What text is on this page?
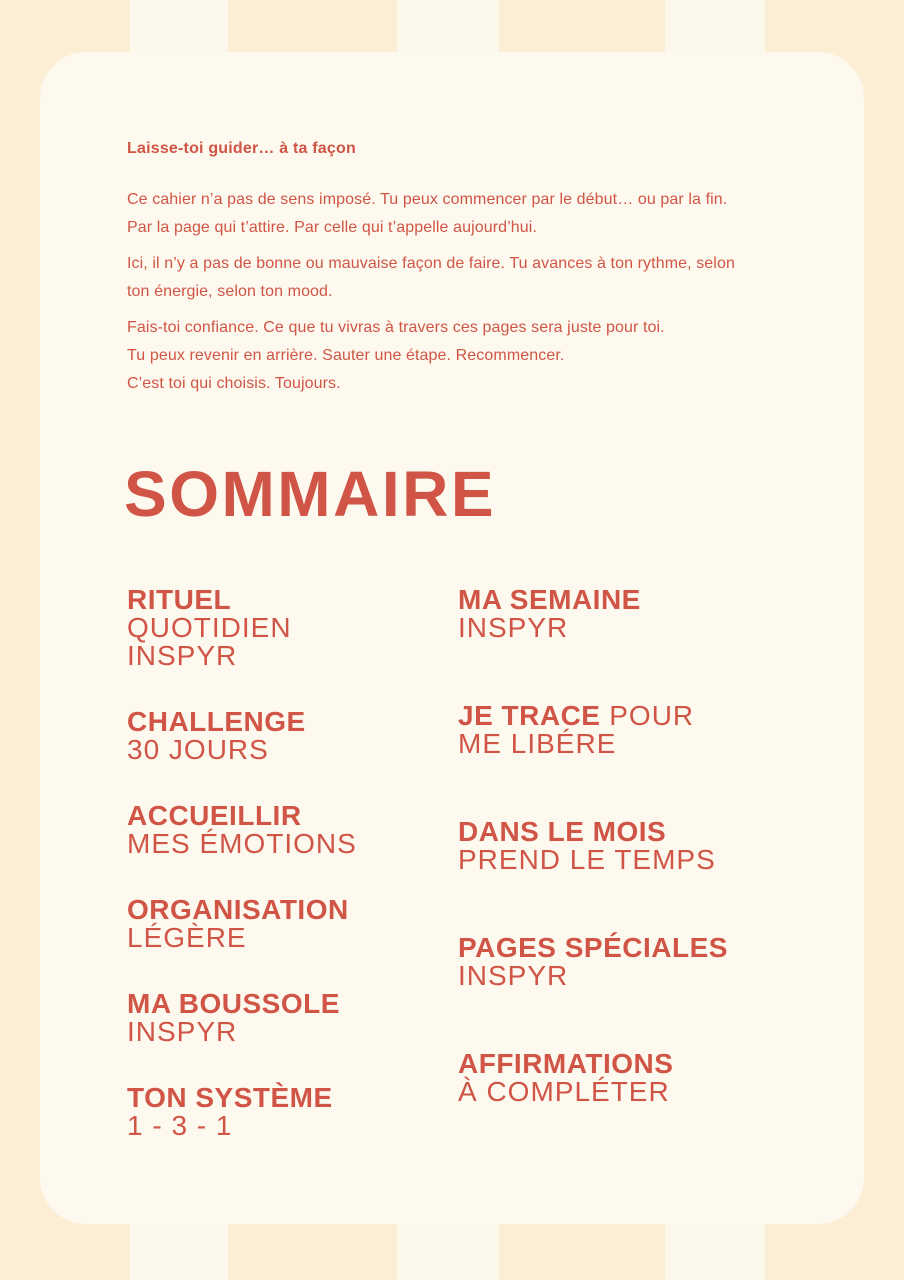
Laisse-toi guider… à ta façon
Ce cahier n’a pas de sens imposé. Tu peux commencer par le début… ou par la fin.
Par la page qui t’attire. Par celle qui t’appelle aujourd’hui.
Ici, il n’y a pas de bonne ou mauvaise façon de faire. Tu avances à ton rythme, selon
ton énergie, selon ton mood.
Fais-toi confiance. Ce que tu vivras à travers ces pages sera juste pour toi.
Tu peux revenir en arrière. Sauter une étape. Recommencer.
C’est toi qui choisis. Toujours.
SOMMAIRE
RITUEL
QUOTIDIEN
INSPYR
CHALLENGE
30 JOURS
ACCUEILLIR
MES ÉMOTIONS
ORGANISATION
LÉGÈRE
MA BOUSSOLE
INSPYR
TON SYSTÈME
1 - 3 - 1
MA SEMAINE
INSPYR
JE TRACE POUR
ME LIBÉRE
DANS LE MOIS
PREND LE TEMPS
PAGES SPÉCIALES
INSPYR
AFFIRMATIONS
À COMPLÉTER
